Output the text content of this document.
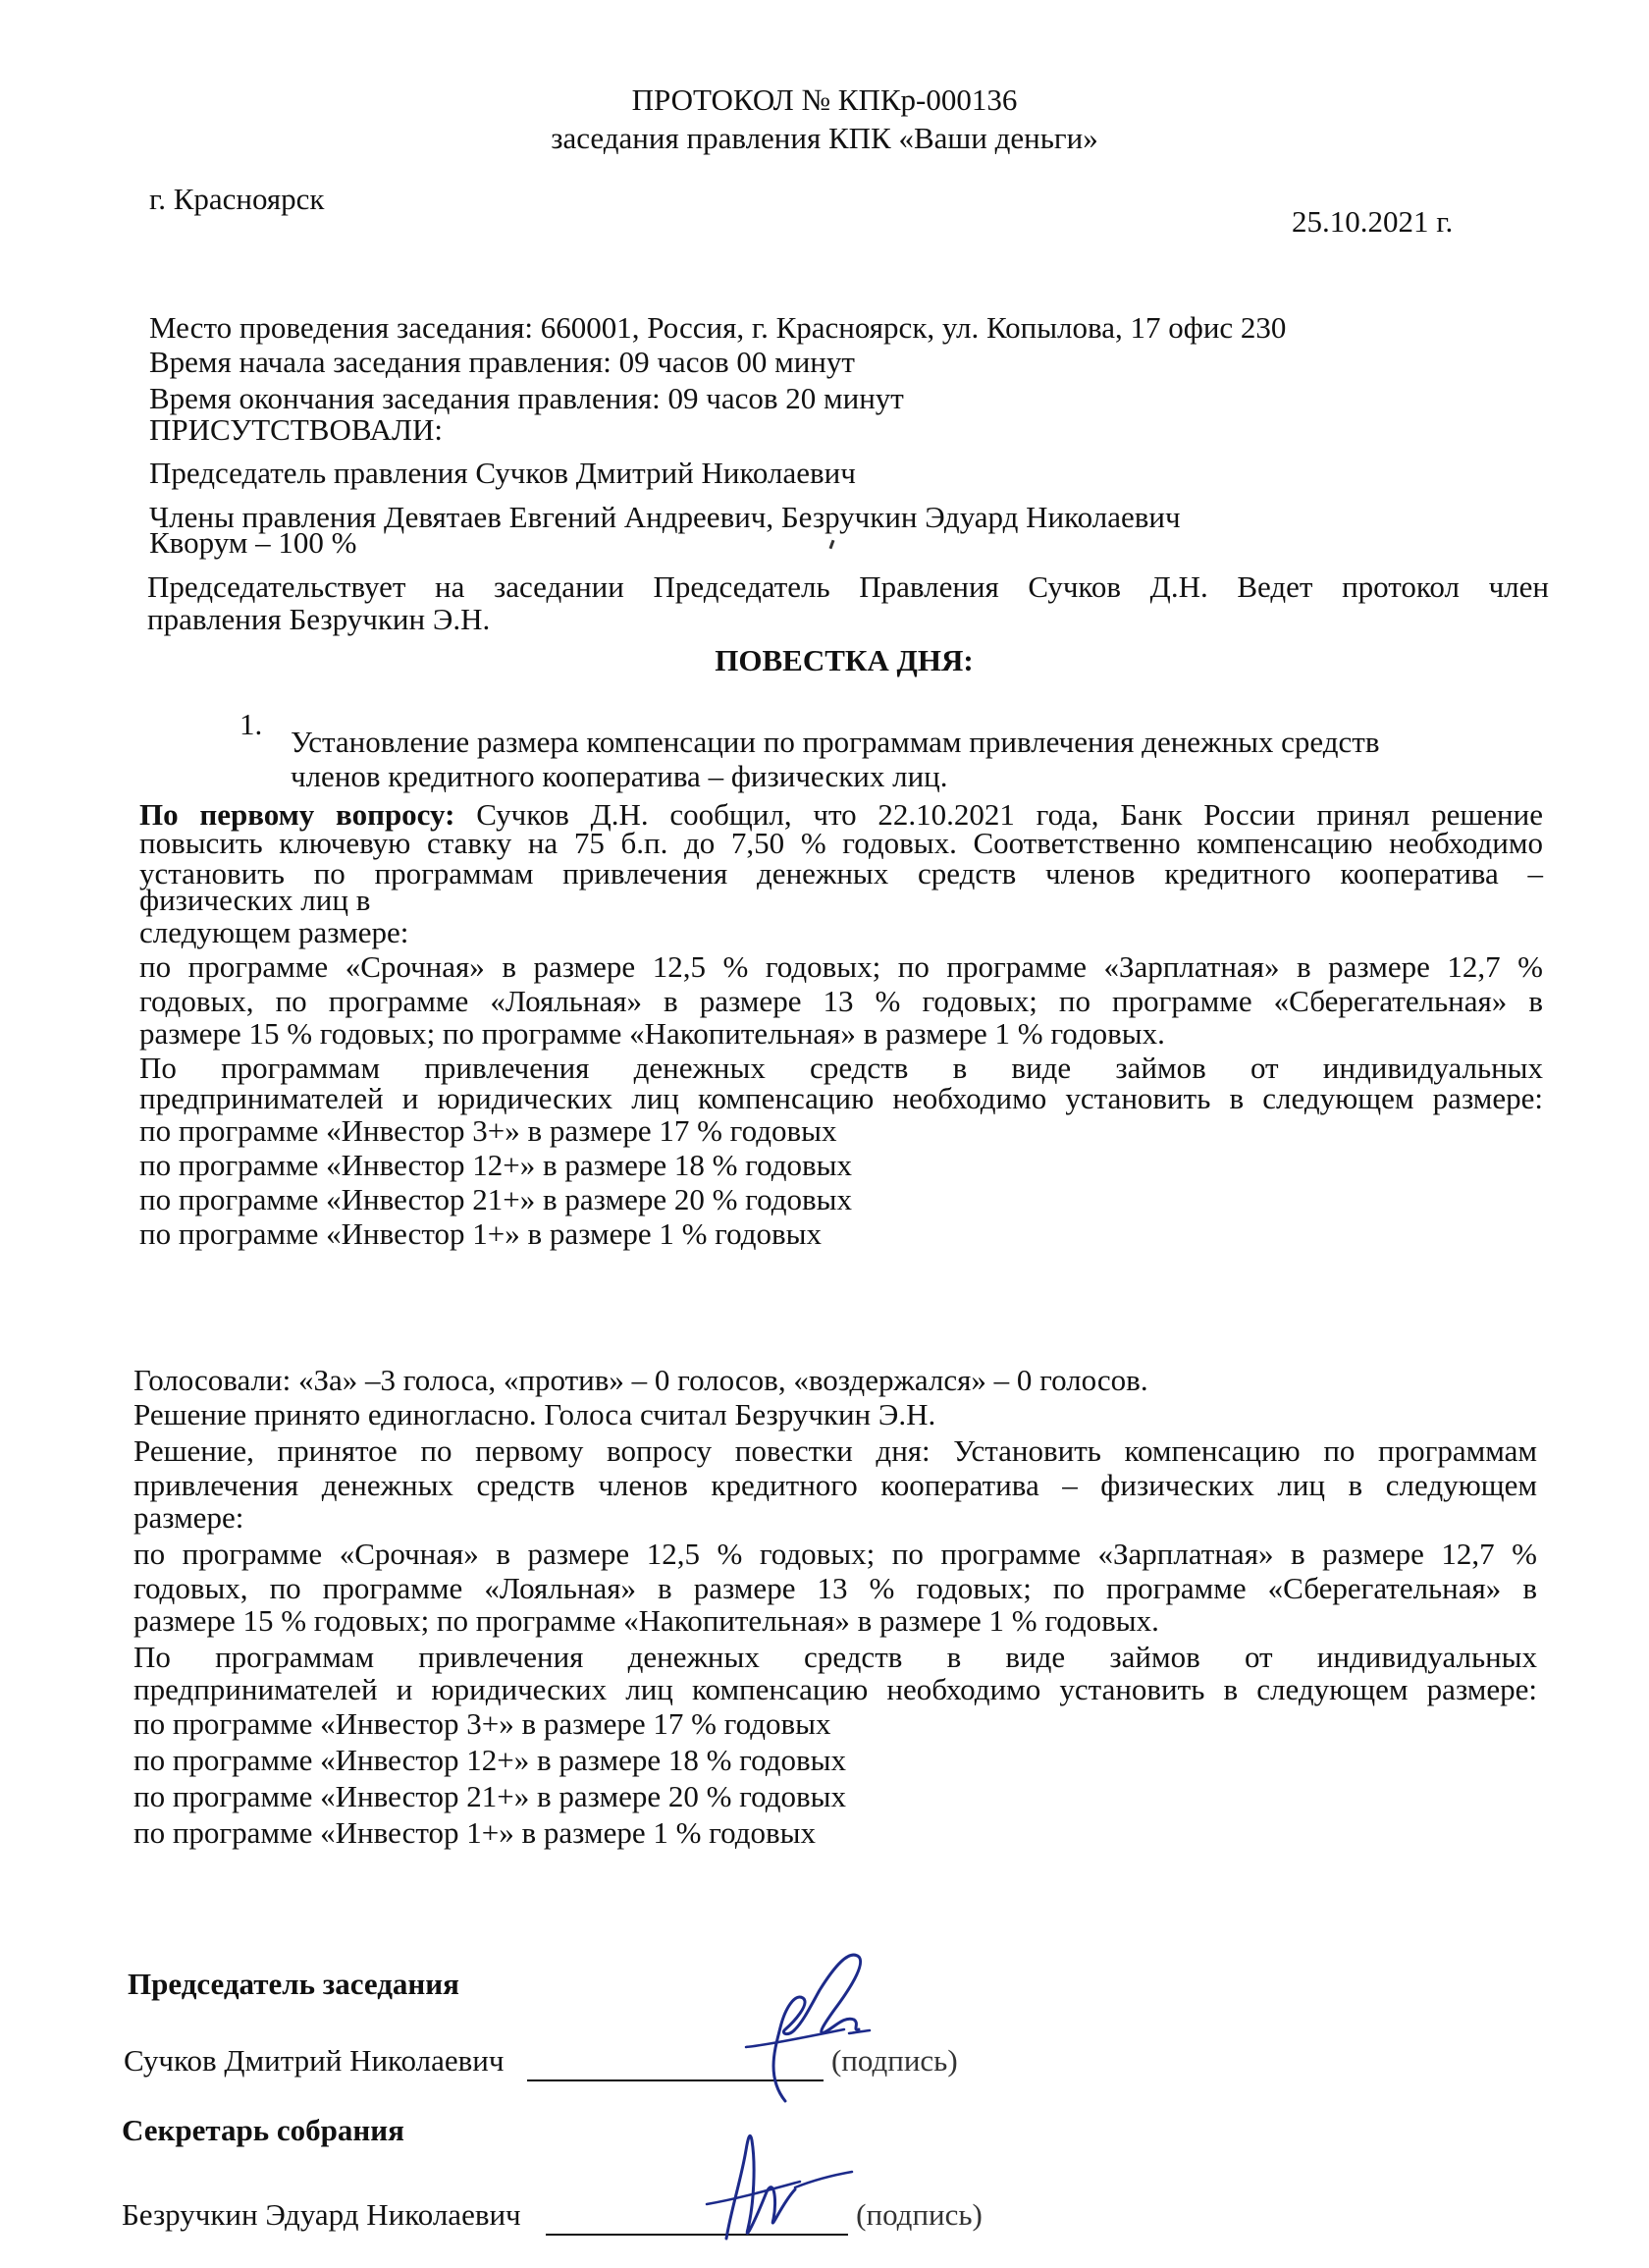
ПРОТОКОЛ № КПКр-000136
заседания правления КПК «Ваши деньги»
г. Красноярск
25.10.2021 г.
Место проведения заседания: 660001, Россия, г. Красноярск, ул. Копылова, 17 офис 230
Время начала заседания правления: 09 часов 00 минут
Время окончания заседания правления: 09 часов 20 минут
ПРИСУТСТВОВАЛИ:
Председатель правления Сучков Дмитрий Николаевич
Члены правления Девятаев Евгений Андреевич, Безручкин Эдуард Николаевич
Кворум – 100 %
Председательствует на заседании Председатель Правления Сучков Д.Н. Ведет протокол член
правления Безручкин Э.Н.
ПОВЕСТКА ДНЯ:
1.
Установление размера компенсации по программам привлечения денежных средств
членов кредитного кооператива – физических лиц.
По первому вопросу: Сучков Д.Н. сообщил, что 22.10.2021 года, Банк России принял решение
повысить ключевую ставку на 75 б.п. до 7,50 % годовых. Соответственно компенсацию необходимо
установить по программам привлечения денежных средств членов кредитного кооператива –
физических лиц в
следующем размере:
по программе «Срочная» в размере 12,5 % годовых; по программе «Зарплатная» в размере 12,7 %
годовых, по программе «Лояльная» в размере 13 % годовых; по программе «Сберегательная» в
размере 15 % годовых; по программе «Накопительная» в размере 1 % годовых.
По программам привлечения денежных средств в виде займов от индивидуальных
предпринимателей и юридических лиц компенсацию необходимо установить в следующем размере:
по программе «Инвестор 3+» в размере 17 % годовых
по программе «Инвестор 12+» в размере 18 % годовых
по программе «Инвестор 21+» в размере 20 % годовых
по программе «Инвестор 1+» в размере 1 % годовых
Голосовали: «За» –3 голоса, «против» – 0 голосов, «воздержался» – 0 голосов.
Решение принято единогласно. Голоса считал Безручкин Э.Н.
Решение, принятое по первому вопросу повестки дня: Установить компенсацию по программам
привлечения денежных средств членов кредитного кооператива – физических лиц в следующем
размере:
по программе «Срочная» в размере 12,5 % годовых; по программе «Зарплатная» в размере 12,7 %
годовых, по программе «Лояльная» в размере 13 % годовых; по программе «Сберегательная» в
размере 15 % годовых; по программе «Накопительная» в размере 1 % годовых.
По программам привлечения денежных средств в виде займов от индивидуальных
предпринимателей и юридических лиц компенсацию необходимо установить в следующем размере:
по программе «Инвестор 3+» в размере 17 % годовых
по программе «Инвестор 12+» в размере 18 % годовых
по программе «Инвестор 21+» в размере 20 % годовых
по программе «Инвестор 1+» в размере 1 % годовых
Председатель заседания
Сучков Дмитрий Николаевич	(подпись)
Секретарь собрания
Безручкин Эдуард Николаевич	(подпись)
